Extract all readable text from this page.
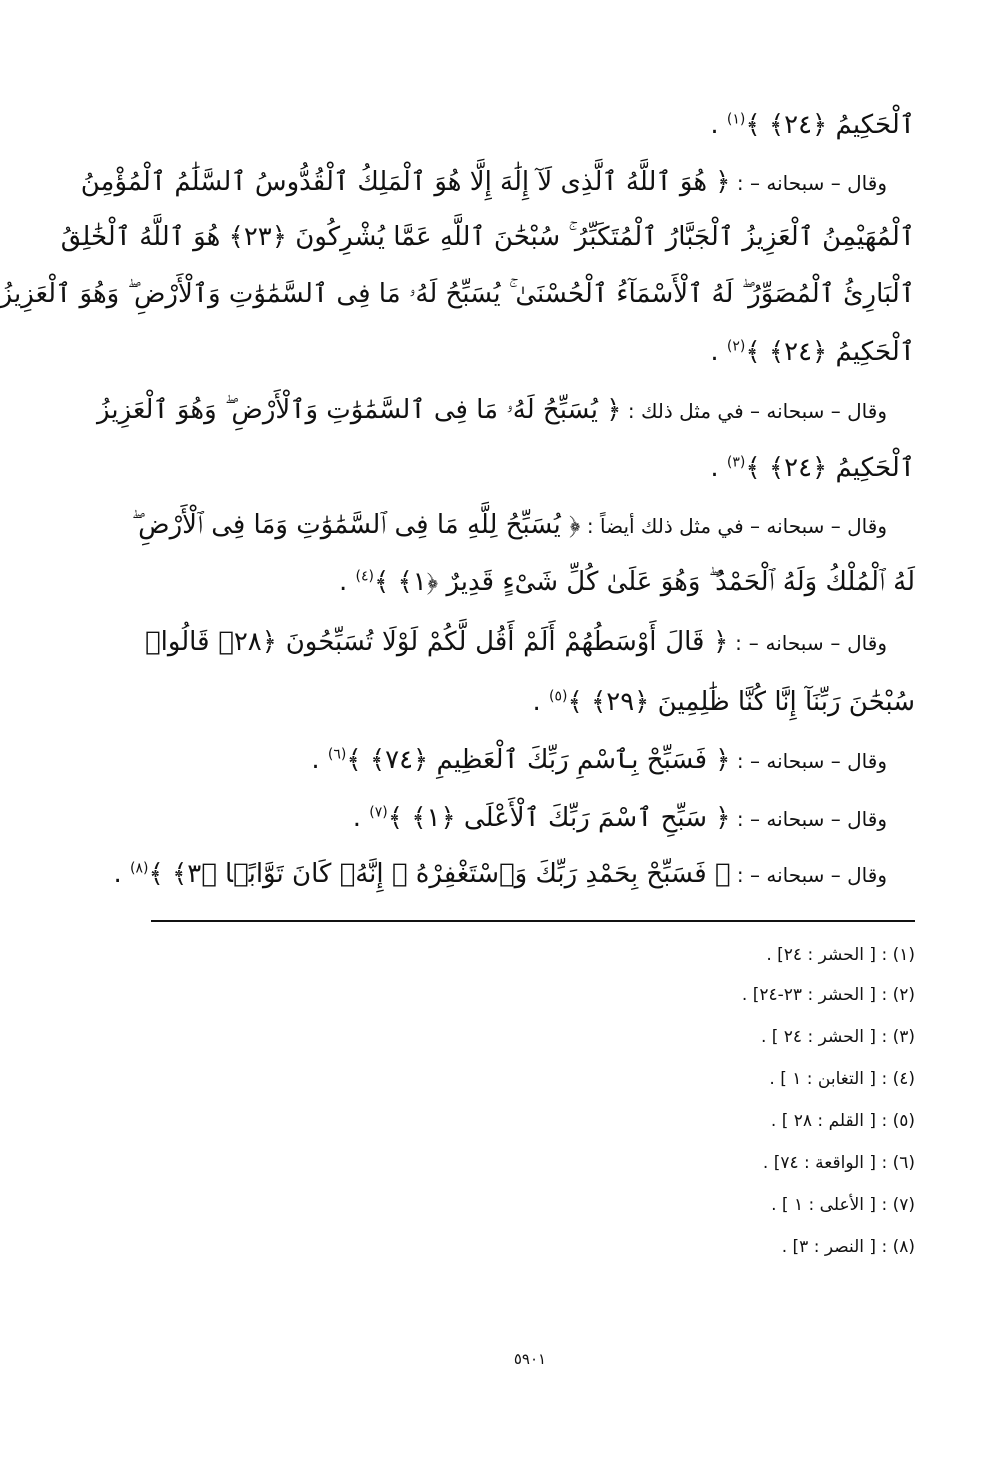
ٱلْحَكِيمُ ﴿٢٤﴾ ﴾$^{(١)}$ .
وقال – سبحانه – : ﴿ هُوَ ٱللَّهُ ٱلَّذِى لَآ إِلَٰهَ إِلَّا هُوَ ٱلْمَلِكُ ٱلْقُدُّوسُ ٱلسَّلَٰمُ ٱلْمُؤْمِنُ
ٱلْمُهَيْمِنُ ٱلْعَزِيزُ ٱلْجَبَّارُ ٱلْمُتَكَبِّرُ ۚ سُبْحَٰنَ ٱللَّهِ عَمَّا يُشْرِكُونَ ﴿٢٣﴾ هُوَ ٱللَّهُ ٱلْخَٰلِقُ
ٱلْبَارِئُ ٱلْمُصَوِّرُ ۖ لَهُ ٱلْأَسْمَآءُ ٱلْحُسْنَىٰ ۚ يُسَبِّحُ لَهُۥ مَا فِى ٱلسَّمَٰوَٰتِ وَٱلْأَرْضِ ۖ وَهُوَ ٱلْعَزِيزُ
ٱلْحَكِيمُ ﴿٢٤﴾ ﴾$^{(٢)}$ .
وقال – سبحانه – في مثل ذلك : ﴿ يُسَبِّحُ لَهُۥ مَا فِى ٱلسَّمَٰوَٰتِ وَٱلْأَرْضِ ۖ وَهُوَ ٱلْعَزِيزُ
ٱلْحَكِيمُ ﴿٢٤﴾ ﴾$^{(٣)}$ .
وقال – سبحانه – في مثل ذلك أيضاً : ﴿ يُسَبِّحُ لِلَّهِ مَا فِى ٱلسَّمَٰوَٰتِ وَمَا فِى ٱلْأَرْضِ ۖ
لَهُ ٱلْمُلْكُ وَلَهُ ٱلْحَمْدُ ۖ وَهُوَ عَلَىٰ كُلِّ شَىْءٍ قَدِيرٌ ﴿١﴾ ﴾$^{(٤)}$ .
وقال – سبحانه – : ﴿ قَالَ أَوْسَطُهُمْ أَلَمْ أَقُل لَّكُمْ لَوْلَا تُسَبِّحُونَ ﴿٢٨﴾ قَالُوا۟
سُبْحَٰنَ رَبِّنَآ إِنَّا كُنَّا ظَٰلِمِينَ ﴿٢٩﴾ ﴾$^{(٥)}$ .
وقال – سبحانه – : ﴿ فَسَبِّحْ بِٱسْمِ رَبِّكَ ٱلْعَظِيمِ ﴿٧٤﴾ ﴾$^{(٦)}$ .
وقال – سبحانه – : ﴿ سَبِّحِ ٱسْمَ رَبِّكَ ٱلْأَعْلَى ﴿١﴾ ﴾$^{(٧)}$ .
وقال – سبحانه – : ﴿ فَسَبِّحْ بِحَمْدِ رَبِّكَ وَٱسْتَغْفِرْهُ ۚ إِنَّهُۥ كَانَ تَوَّابًۢا ﴿٣﴾ ﴾$^{(٨)}$ .
(١) : [ الحشر : ٢٤] .
(٢) : [ الحشر : ٢٣-٢٤] .
(٣) : [ الحشر : ٢٤ ] .
(٤) : [ التغابن : ١ ] .
(٥) : [ القلم : ٢٨ ] .
(٦) : [ الواقعة : ٧٤] .
(٧) : [ الأعلى : ١ ] .
(٨) : [ النصر : ٣] .
٥٩٠١
